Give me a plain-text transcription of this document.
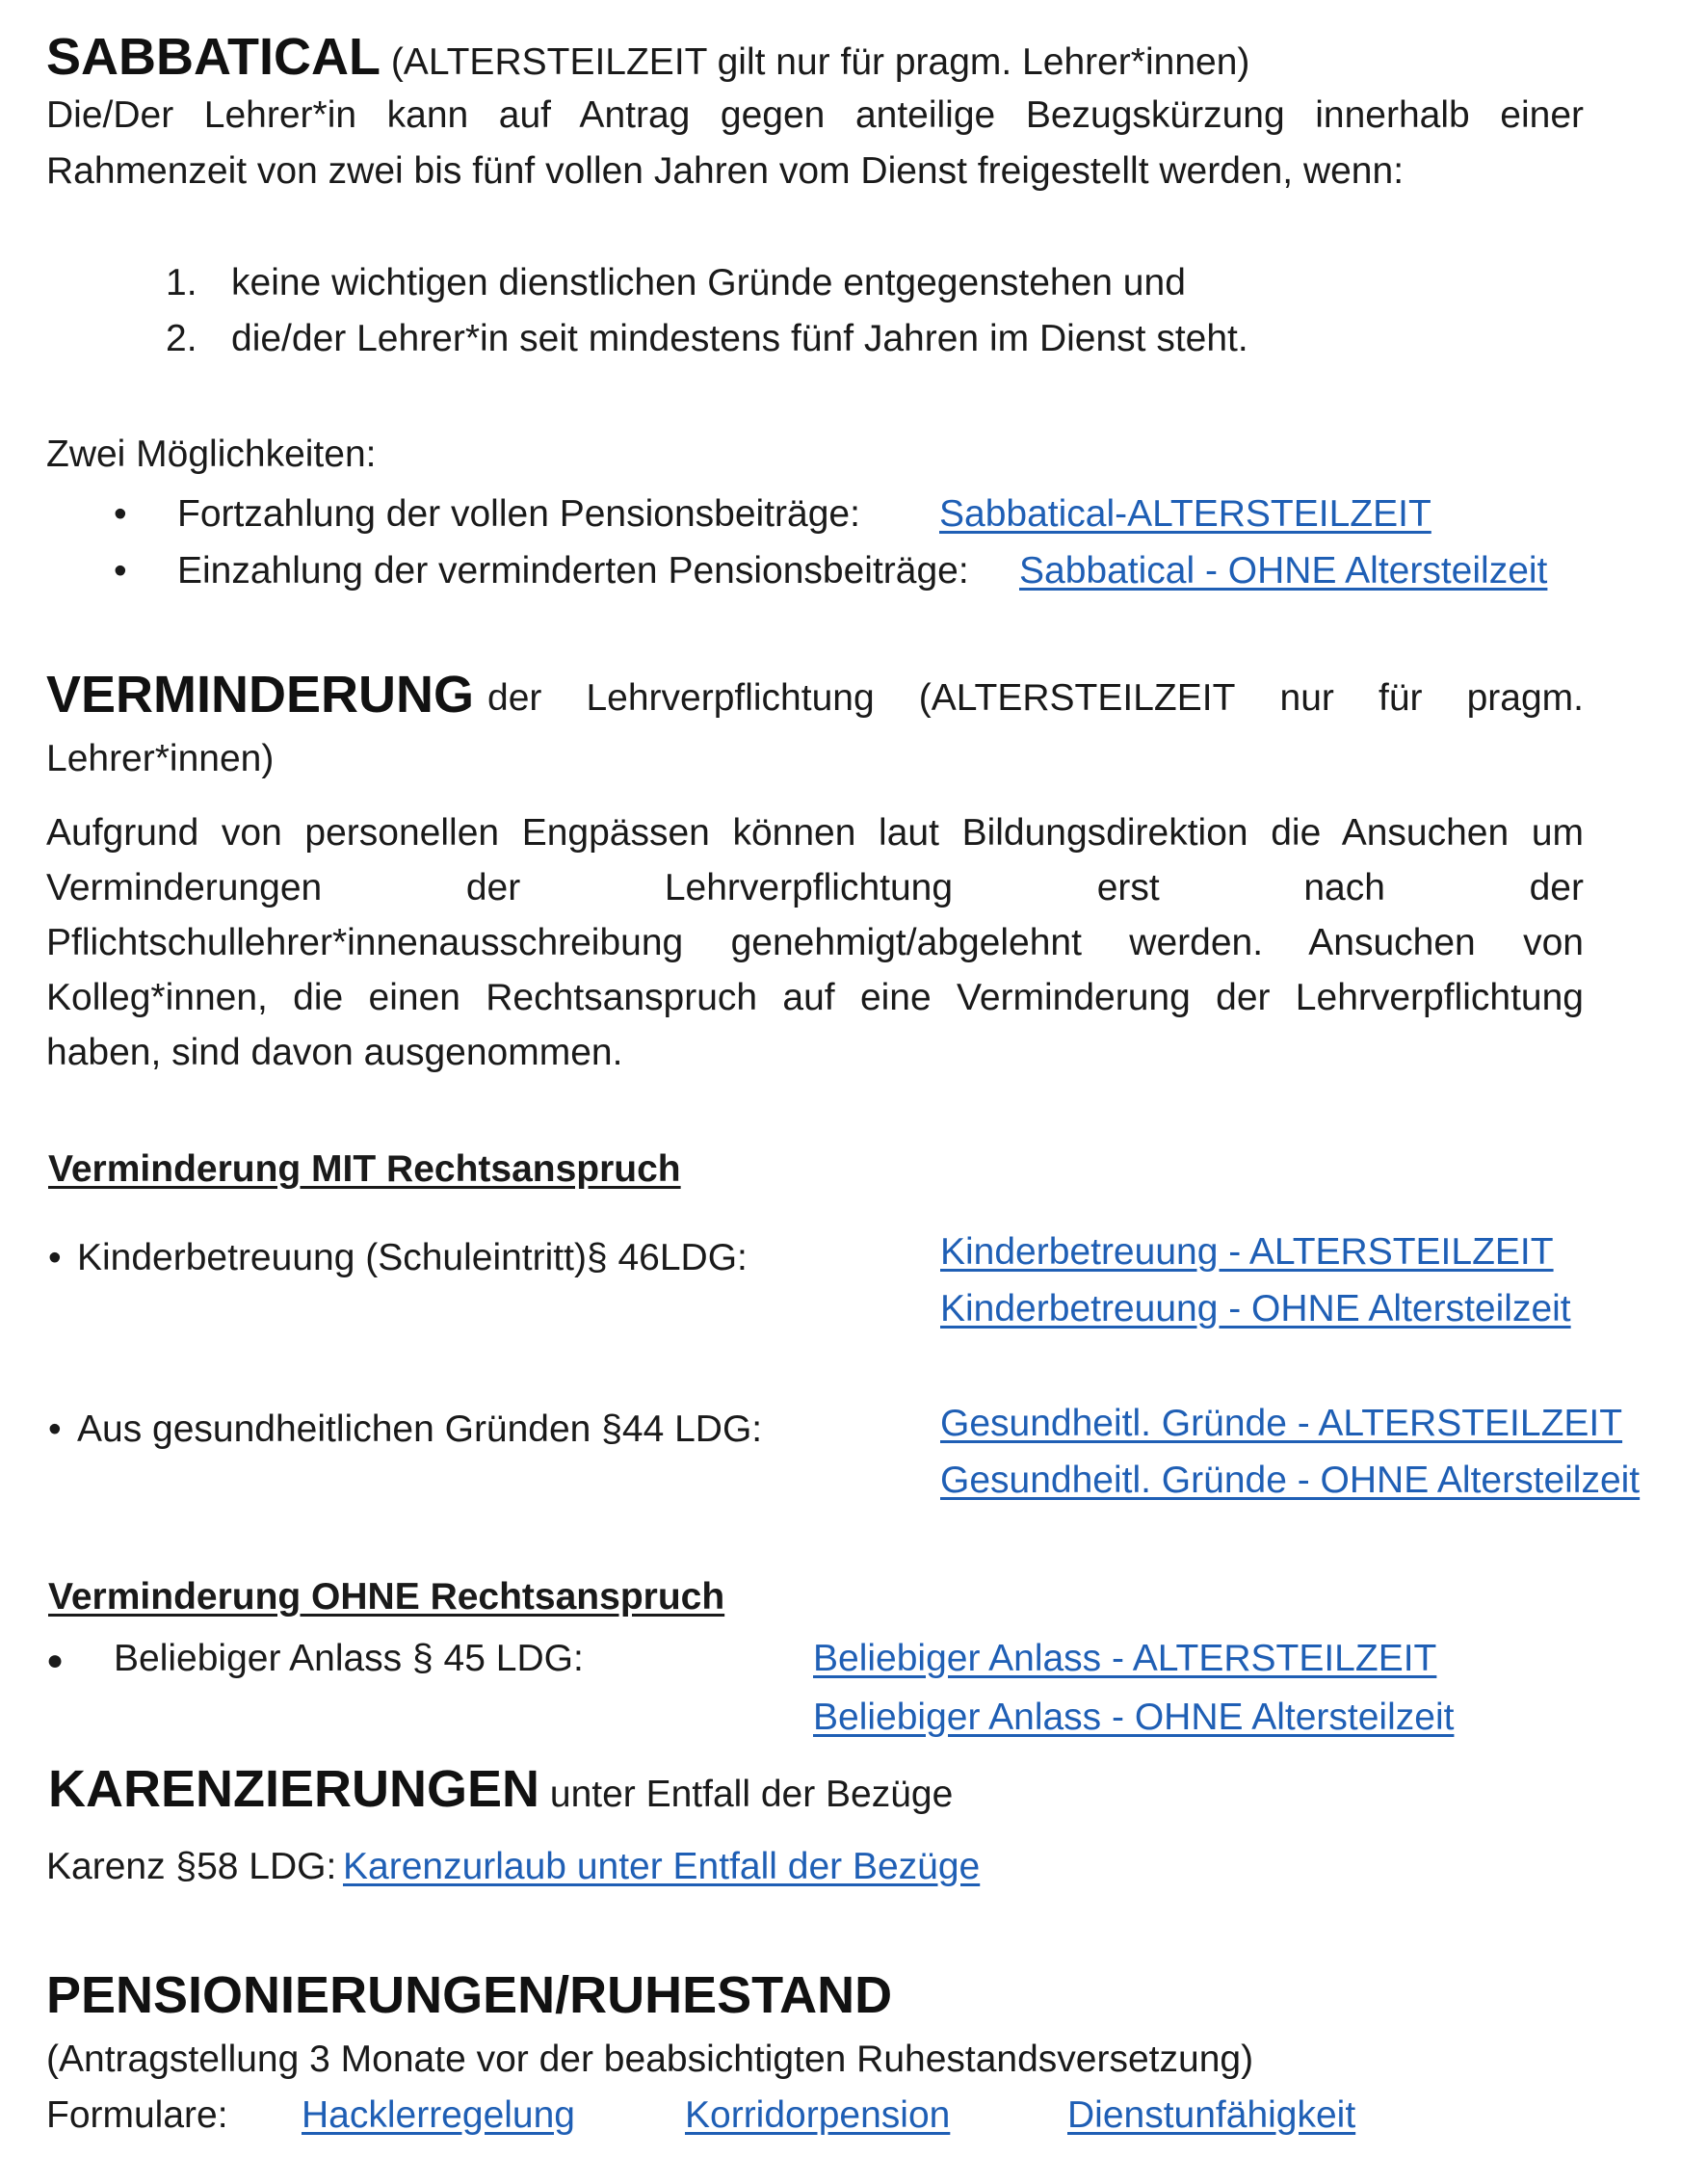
SABBATICAL (ALTERSTEILZEIT gilt nur für pragm. Lehrer*innen)
Die/Der Lehrer*in kann auf Antrag gegen anteilige Bezugskürzung innerhalb einer
Rahmenzeit von zwei bis fünf vollen Jahren vom Dienst freigestellt werden, wenn:
1. keine wichtigen dienstlichen Gründe entgegenstehen und
2. die/der Lehrer*in seit mindestens fünf Jahren im Dienst steht.
Zwei Möglichkeiten:
• Fortzahlung der vollen Pensionsbeiträge: Sabbatical-ALTERSTEILZEIT
• Einzahlung der verminderten Pensionsbeiträge: Sabbatical - OHNE Altersteilzeit
VERMINDERUNG der Lehrverpflichtung (ALTERSTEILZEIT nur für pragm.
Lehrer*innen)
Aufgrund von personellen Engpässen können laut Bildungsdirektion die Ansuchen um
Verminderungen	der	Lehrverpflichtung	erst	nach	der
Pflichtschullehrer*innenausschreibung genehmigt/abgelehnt werden. Ansuchen von
Kolleg*innen, die einen Rechtsanspruch auf eine Verminderung der Lehrverpflichtung
haben, sind davon ausgenommen.
Verminderung MIT Rechtsanspruch
• Kinderbetreuung (Schuleintritt)§ 46LDG:	Kinderbetreuung - ALTERSTEILZEIT
Kinderbetreuung - OHNE Altersteilzeit
• Aus gesundheitlichen Gründen §44 LDG:	Gesundheitl. Gründe - ALTERSTEILZEIT
Gesundheitl. Gründe - OHNE Altersteilzeit
Verminderung OHNE Rechtsanspruch
● Beliebiger Anlass § 45 LDG:	Beliebiger Anlass - ALTERSTEILZEIT
Beliebiger Anlass - OHNE Altersteilzeit
KARENZIERUNGEN unter Entfall der Bezüge
Karenz §58 LDG: Karenzurlaub unter Entfall der Bezüge
PENSIONIERUNGEN/RUHESTAND
(Antragstellung 3 Monate vor der beabsichtigten Ruhestandsversetzung)
Formulare: Hacklerregelung	Korridorpension	Dienstunfähigkeit
